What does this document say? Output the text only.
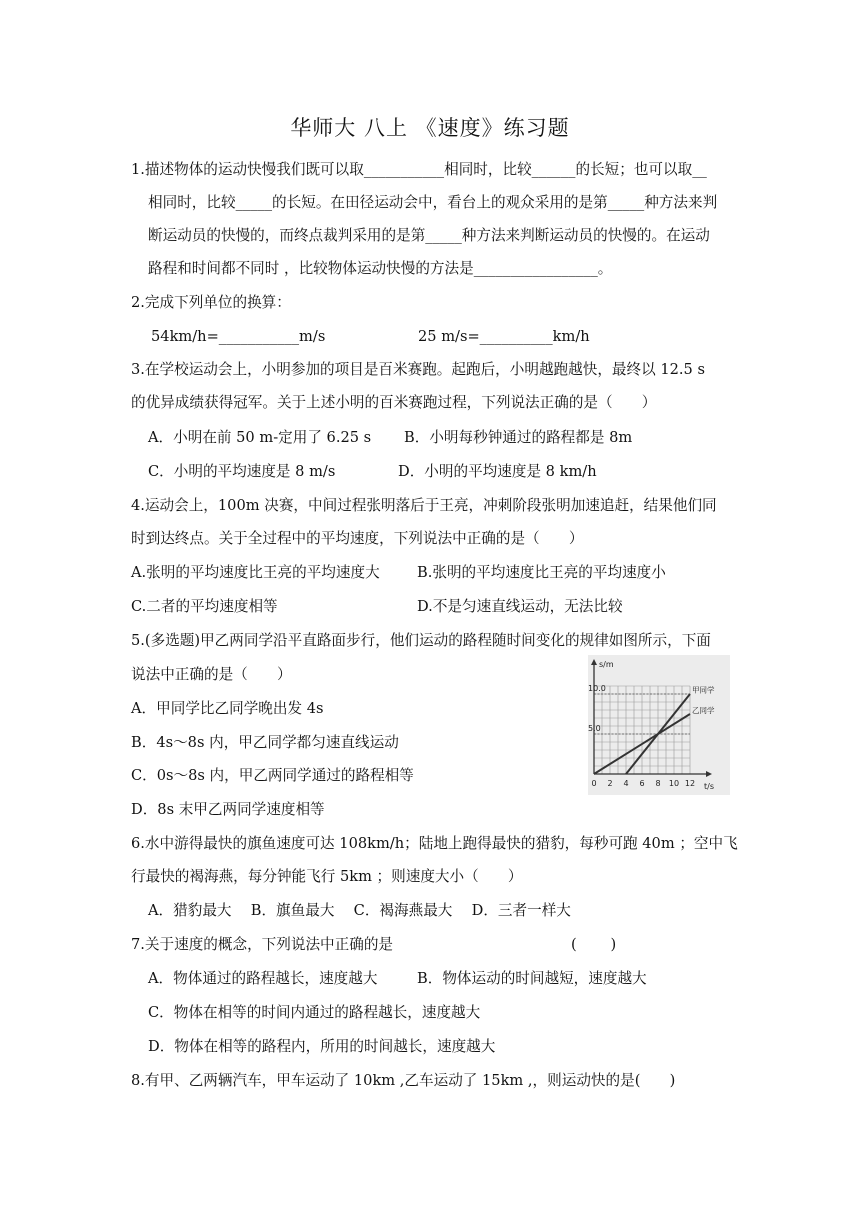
华师大 八上 《速度》练习题
1.描述物体的运动快慢我们既可以取___________相同时，比较______的长短；也可以取__
相同时，比较_____的长短。在田径运动会中，看台上的观众采用的是第_____种方法来判
断运动员的快慢的，而终点裁判采用的是第_____种方法来判断运动员的快慢的。在运动
路程和时间都不同时 ，比较物体运动快慢的方法是_________________。
2.完成下列单位的换算：
54km/h=___________m/s	25 m/s=__________km/h
3.在学校运动会上，小明参加的项目是百米赛跑。起跑后，小明越跑越快，最终以 12.5 s
的优异成绩获得冠军。关于上述小明的百米赛跑过程，下列说法正确的是（　　）
A．小明在前 50 m-定用了 6.25 s B．小明每秒钟通过的路程都是 8m
C．小明的平均速度是 8 m/s	D．小明的平均速度是 8 km/h
4.运动会上，100m 决赛，中间过程张明落后于王亮，冲刺阶段张明加速追赶，结果他们同
时到达终点。关于全过程中的平均速度，下列说法中正确的是（　　）
A.张明的平均速度比王亮的平均速度大	B.张明的平均速度比王亮的平均速度小
C.二者的平均速度相等	D.不是匀速直线运动，无法比较
5.(多选题)甲乙两同学沿平直路面步行，他们运动的路程随时间变化的规律如图所示，下面
说法中正确的是（　　）
A．甲同学比乙同学晚出发 4s
B．4s～8s 内，甲乙同学都匀速直线运动
C．0s～8s 内，甲乙两同学通过的路程相等
D．8s 末甲乙两同学速度相等
s/m
t/s
10.0
5.0
0 2 4 6 8 10 12
甲同学
乙同学
6.水中游得最快的旗鱼速度可达 108km/h；陆地上跑得最快的猎豹，每秒可跑 40m ；空中飞
行最快的褐海燕，每分钟能飞行 5km ；则速度大小（　　）
A．猎豹最大　 B．旗鱼最大　 C．褐海燕最大　 D．三者一样大
7.关于速度的概念，下列说法中正确的是	(　　 )
A．物体通过的路程越长，速度越大	B．物体运动的时间越短，速度越大
C．物体在相等的时间内通过的路程越长，速度越大
D．物体在相等的路程内，所用的时间越长，速度越大
8.有甲、乙两辆汽车，甲车运动了 10km ,乙车运动了 15km ,，则运动快的是(　　)
